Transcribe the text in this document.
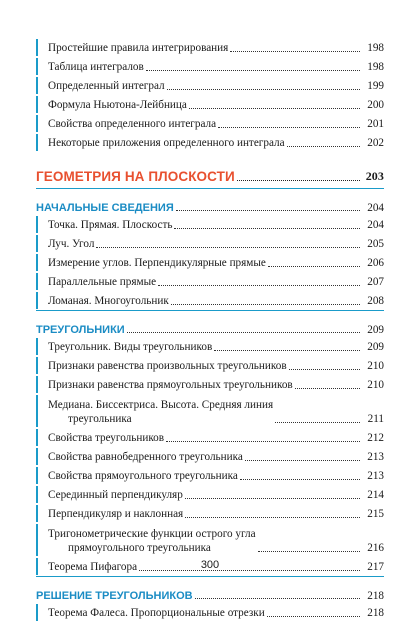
Простейшие правила интегрирования	198
Таблица интегралов	198
Определенный интеграл	199
Формула Ньютона-Лейбница	200
Свойства определенного интеграла	201
Некоторые приложения определенного интеграла	202
ГЕОМЕТРИЯ НА ПЛОСКОСТИ	203
НАЧАЛЬНЫЕ СВЕДЕНИЯ	204
Точка. Прямая. Плоскость	204
Луч. Угол	205
Измерение углов. Перпендикулярные прямые	206
Параллельные прямые	207
Ломаная. Многоугольник	208
ТРЕУГОЛЬНИКИ	209
Треугольник. Виды треугольников	209
Признаки равенства произвольных треугольников	210
Признаки равенства прямоугольных треугольников	210
Медиана. Биссектриса. Высота. Средняя линия
треугольника	211
Свойства треугольников	212
Свойства равнобедренного треугольника	213
Свойства прямоугольного треугольника	213
Серединный перпендикуляр	214
Перпендикуляр и наклонная	215
Тригонометрические функции острого угла
прямоугольного треугольника	216
Теорема Пифагора	217
РЕШЕНИЕ ТРЕУГОЛЬНИКОВ	218
Теорема Фалеса. Пропорциональные отрезки	218
300
